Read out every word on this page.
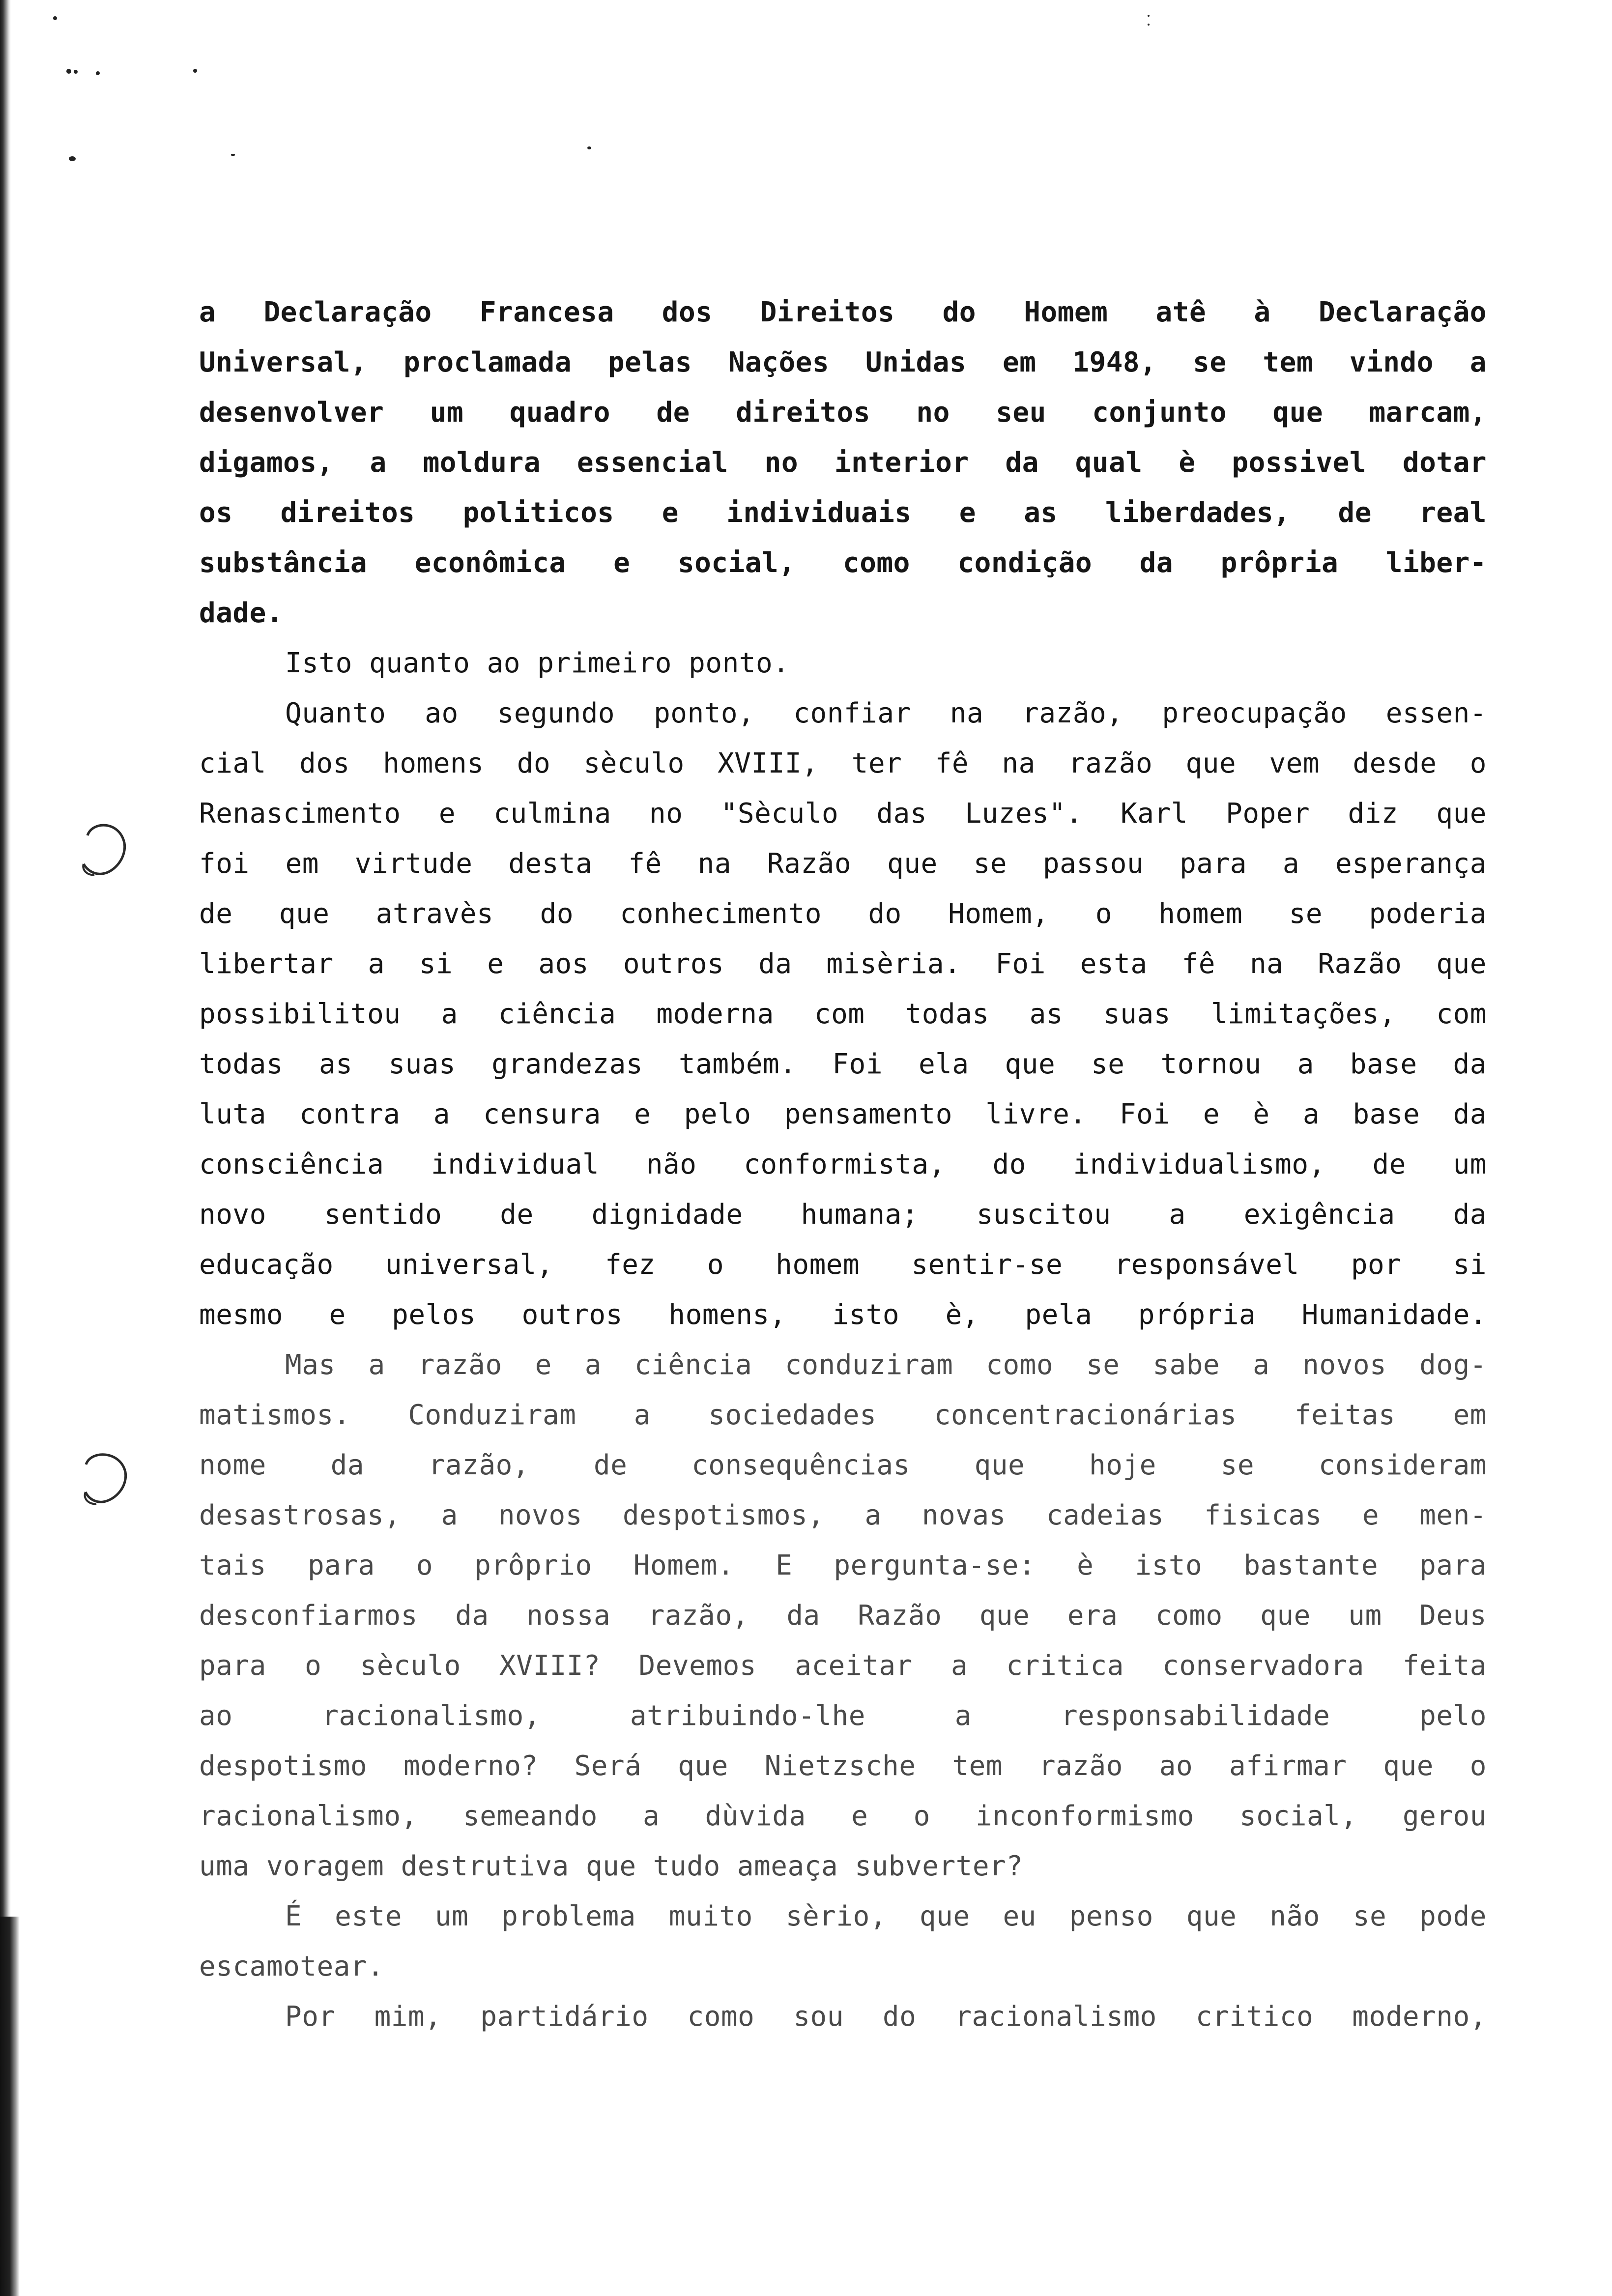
a Declaração Francesa dos Direitos do Homem atê à Declaração
Universal, proclamada pelas Nações Unidas em 1948, se tem vindo a
desenvolver um quadro de direitos no seu conjunto que marcam,
digamos, a moldura essencial no interior da qual è possivel dotar
os direitos politicos e individuais e as liberdades, de real
substância econômica e social, como condição da prôpria liber-
dade.
Isto quanto ao primeiro ponto.
Quanto ao segundo ponto, confiar na razão, preocupação essen-
cial dos homens do sèculo XVIII, ter fê na razão que vem desde o
Renascimento e culmina no "Sèculo das Luzes". Karl Poper diz que
foi em virtude desta fê na Razão que se passou para a esperança
de que atravès do conhecimento do Homem, o homem se poderia
libertar a si e aos outros da misèria. Foi esta fê na Razão que
possibilitou a ciência moderna com todas as suas limitações, com
todas as suas grandezas também. Foi ela que se tornou a base da
luta contra a censura e pelo pensamento livre. Foi e è a base da
consciência individual não conformista, do individualismo, de um
novo sentido de dignidade humana; suscitou a exigência da
educação universal, fez o homem sentir-se responsável por si
mesmo e pelos outros homens, isto è, pela própria Humanidade.
Mas a razão e a ciência conduziram como se sabe a novos dog-
matismos. Conduziram a sociedades concentracionárias feitas em
nome da razão, de consequências que hoje se consideram
desastrosas, a novos despotismos, a novas cadeias fisicas e men-
tais para o prôprio Homem. E pergunta-se: è isto bastante para
desconfiarmos da nossa razão, da Razão que era como que um Deus
para o sèculo XVIII? Devemos aceitar a critica conservadora feita
ao racionalismo, atribuindo-lhe a responsabilidade pelo
despotismo moderno? Será que Nietzsche tem razão ao afirmar que o
racionalismo, semeando a dùvida e o inconformismo social, gerou
uma voragem destrutiva que tudo ameaça subverter?
É este um problema muito sèrio, que eu penso que não se pode
escamotear.
Por mim, partidário como sou do racionalismo critico moderno,
